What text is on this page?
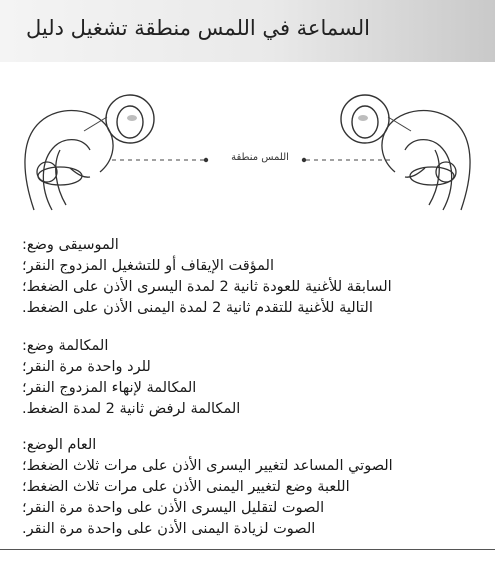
السماعة في اللمس منطقة تشغيل دليل
اللمس منطقة
الموسيقى وضع:
المؤقت الإيقاف أو للتشغيل المزدوج النقر؛
السابقة للأغنية للعودة ثانية 2 لمدة اليسرى الأذن على الضغط؛
التالية للأغنية للتقدم ثانية 2 لمدة اليمنى الأذن على الضغط.
المكالمة وضع:
للرد واحدة مرة النقر؛
المكالمة لإنهاء المزدوج النقر؛
المكالمة لرفض ثانية 2 لمدة الضغط.
العام الوضع:
الصوتي المساعد لتغيير اليسرى الأذن على مرات ثلاث الضغط؛
اللعبة وضع لتغيير اليمنى الأذن على مرات ثلاث الضغط؛
الصوت لتقليل اليسرى الأذن على واحدة مرة النقر؛
الصوت لزيادة اليمنى الأذن على واحدة مرة النقر.
